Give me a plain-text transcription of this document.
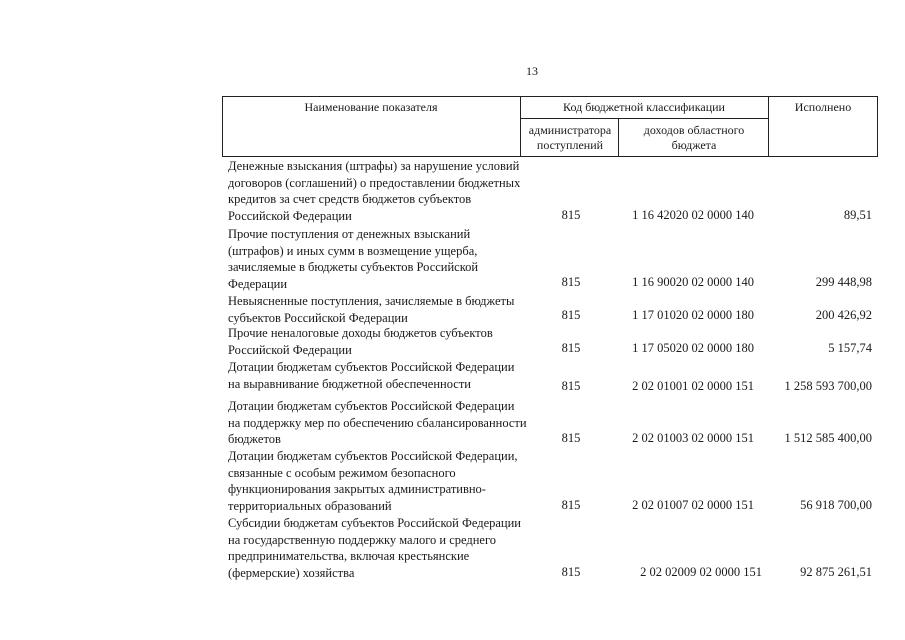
13
Наименование показателя	Код бюджетной классификации	Исполнено
администратора поступлений
доходов областного бюджета
Денежные взыскания (штрафы) за нарушение условий договоров (соглашений) о предоставлении бюджетных кредитов за счет средств бюджетов субъектов Российской Федерации	815	1 16 42020 02 0000 140	89,51
Прочие поступления от денежных взысканий (штрафов) и иных сумм в возмещение ущерба, зачисляемые в бюджеты субъектов Российской Федерации	815	1 16 90020 02 0000 140	299 448,98
Невыясненные поступления, зачисляемые в бюджеты субъектов Российской Федерации	815	1 17 01020 02 0000 180	200 426,92
Прочие неналоговые доходы бюджетов субъектов Российской Федерации	815	1 17 05020 02 0000 180	5 157,74
Дотации бюджетам субъектов Российской Федерации на выравнивание бюджетной обеспеченности	815	2 02 01001 02 0000 151	1 258 593 700,00
Дотации бюджетам субъектов Российской Федерации на поддержку мер по обеспечению сбалансированности бюджетов	815	2 02 01003 02 0000 151	1 512 585 400,00
Дотации бюджетам субъектов Российской Федерации, связанные с особым режимом безопасного функционирования закрытых административно-территориальных образований	815	2 02 01007 02 0000 151	56 918 700,00
Субсидии бюджетам субъектов Российской Федерации на государственную поддержку малого и среднего предпринимательства, включая крестьянские (фермерские) хозяйства	815	2 02 02009 02 0000 151	92 875 261,51
